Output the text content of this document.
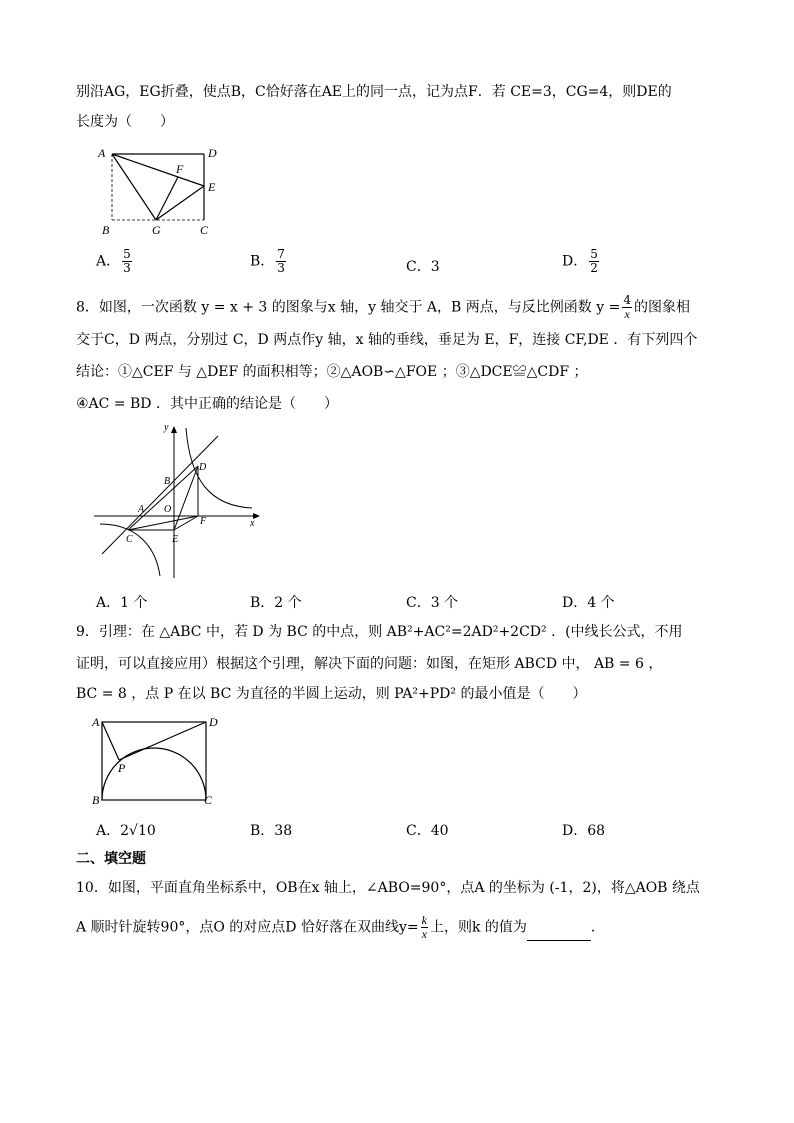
别沿AG，EG折叠，使点B，C恰好落在AE上的同一点，记为点F．若 CE=3，CG=4，则DE的
长度为（　　）
A	D
F
E
B	G	C
A． $\frac{5}{3}$	B． $\frac{7}{3}$	C．3	D． $\frac{5}{2}$
8．如图，一次函数 y = x + 3 的图象与x 轴，y 轴交于 A，B 两点，与反比例函数 $y = \frac{4}{x}$ 的图象相
交于C，D 两点，分别过 C，D 两点作y 轴，x 轴的垂线，垂足为 E，F，连接 CF,DE ．有下列四个
结论：①△CEF 与 △DEF 的面积相等；②△AOB∽△FOE ；③△DCE≌△CDF ；
④AC = BD ．其中正确的结论是（　　）
y
x
D
B
A O
F
C	E
A．1 个	B．2 个	C．3 个	D．4 个
9．引理：在 △ABC 中，若 D 为 BC 的中点，则 AB²+AC²=2AD²+2CD² ．(中线长公式，不用
证明，可以直接应用）根据这个引理，解决下面的问题：如图，在矩形 ABCD 中， AB = 6 ，
BC = 8 ，点 P 在以 BC 为直径的半圆上运动，则 PA²+PD² 的最小值是（　　）
A	D
P
B	C
A．2√10	B．38	C．40	D．68
二、填空题
10．如图，平面直角坐标系中，OB在x 轴上，∠ABO=90°，点A 的坐标为 (-1，2)，将△AOB 绕点
A 顺时针旋转90°，点O 的对应点D 恰好落在双曲线$y= \frac{k}{x}$ 上，则k 的值为	．
